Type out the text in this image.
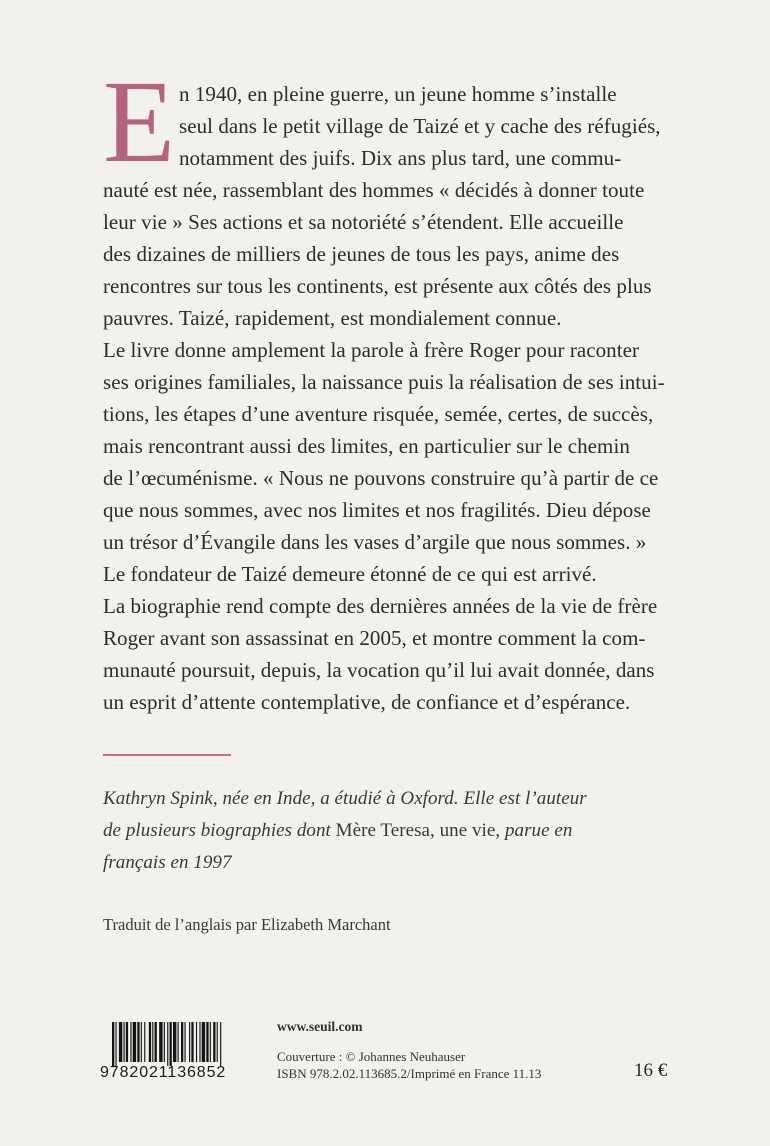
E n 1940, en pleine guerre, un jeune homme s’installe
seul dans le petit village de Taizé et y cache des réfugiés,
notamment des juifs. Dix ans plus tard, une commu-
nauté est née, rassemblant des hommes « décidés à donner toute
leur vie » Ses actions et sa notoriété s’étendent. Elle accueille
des dizaines de milliers de jeunes de tous les pays, anime des
rencontres sur tous les continents, est présente aux côtés des plus
pauvres. Taizé, rapidement, est mondialement connue.
Le livre donne amplement la parole à frère Roger pour raconter
ses origines familiales, la naissance puis la réalisation de ses intui-
tions, les étapes d’une aventure risquée, semée, certes, de succès,
mais rencontrant aussi des limites, en particulier sur le chemin
de l’œcuménisme. « Nous ne pouvons construire qu’à partir de ce
que nous sommes, avec nos limites et nos fragilités. Dieu dépose
un trésor d’Évangile dans les vases d’argile que nous sommes. »
Le fondateur de Taizé demeure étonné de ce qui est arrivé.
La biographie rend compte des dernières années de la vie de frère
Roger avant son assassinat en 2005, et montre comment la com-
munauté poursuit, depuis, la vocation qu’il lui avait donnée, dans
un esprit d’attente contemplative, de confiance et d’espérance.
Kathryn Spink, née en Inde, a étudié à Oxford. Elle est l’auteur
de plusieurs biographies dont Mère Teresa, une vie, parue en
français en 1997
Traduit de l’anglais par Elizabeth Marchant
9782021136852
www.seuil.com
Couverture : © Johannes Neuhauser
ISBN 978.2.02.113685.2/Imprimé en France 11.13	16 €
